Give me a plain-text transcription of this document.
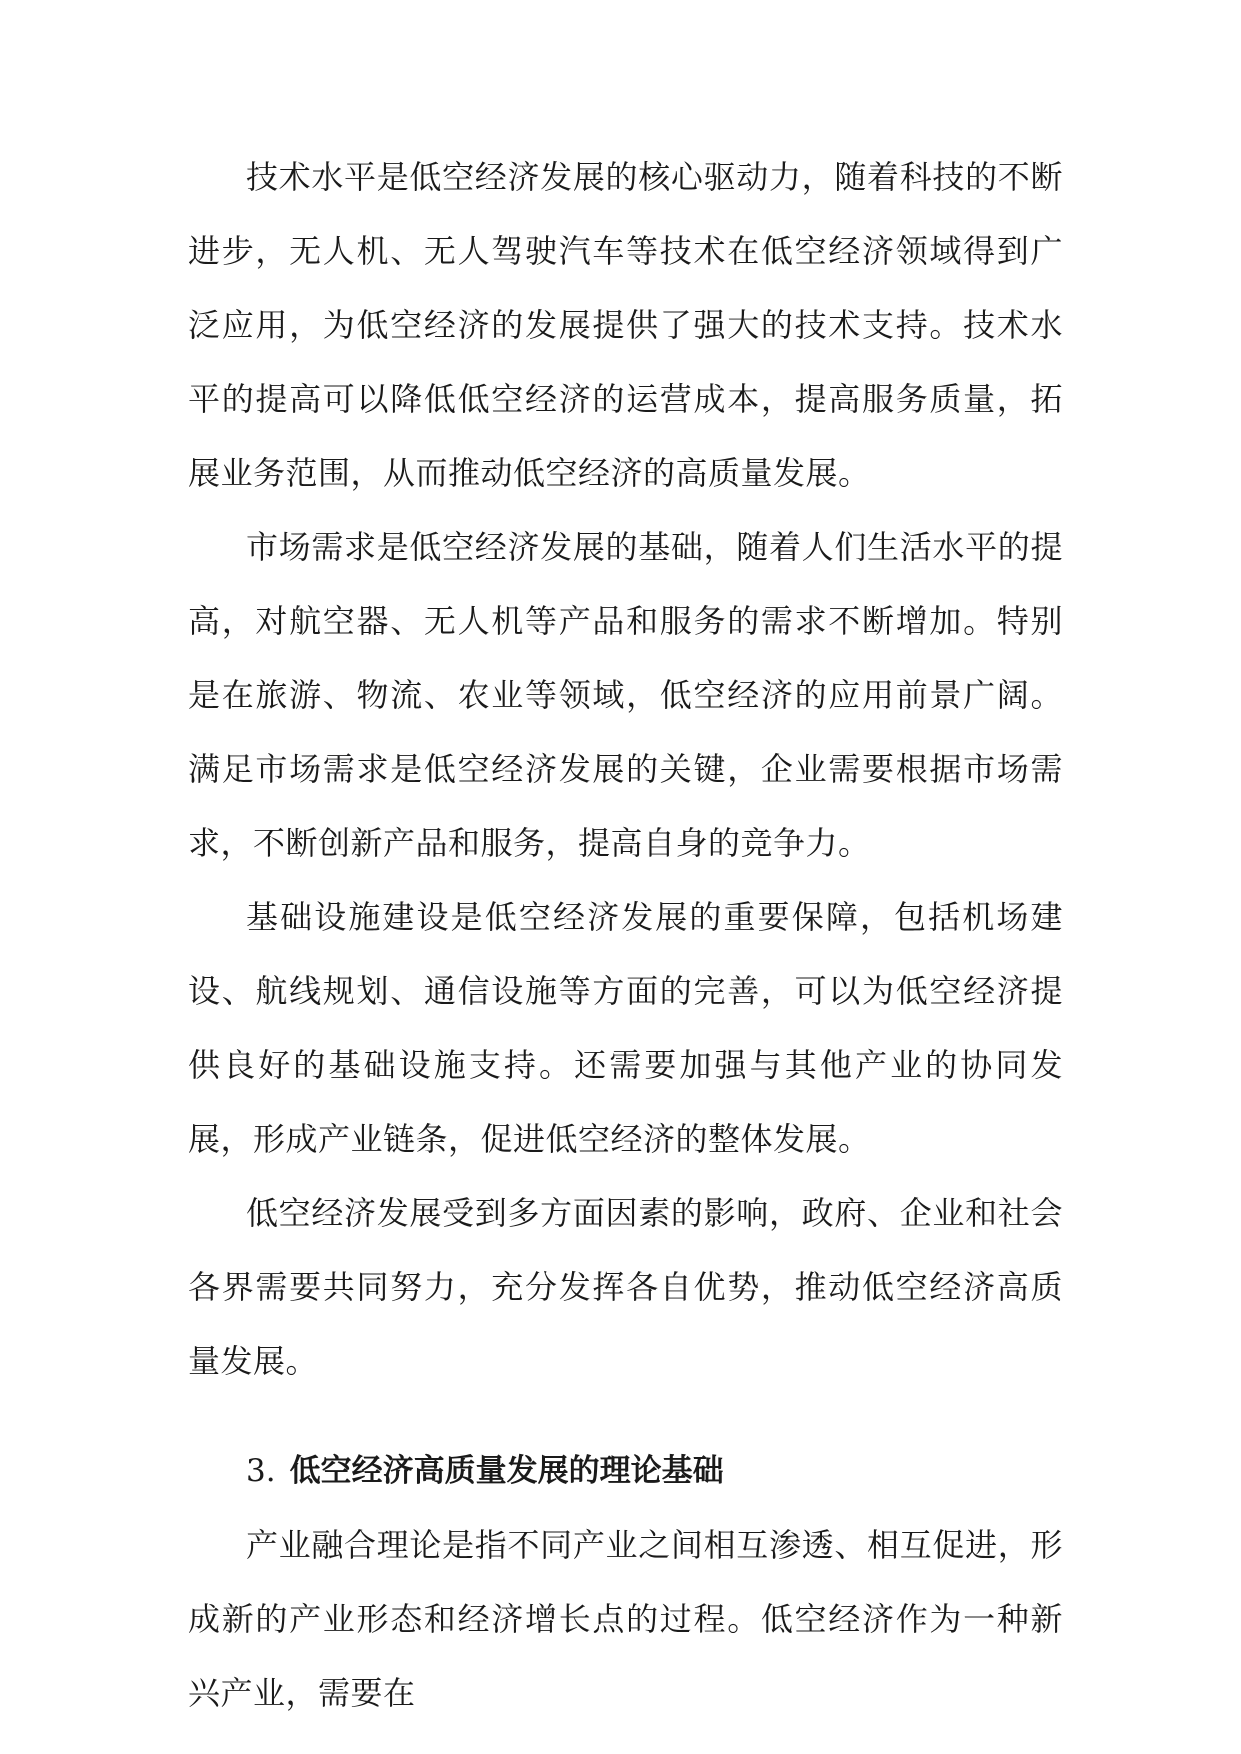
技术水平是低空经济发展的核心驱动力，随着科技的不断进步，无人机、无人驾驶汽车等技术在低空经济领域得到广泛应用，为低空经济的发展提供了强大的技术支持。技术水平的提高可以降低低空经济的运营成本，提高服务质量，拓展业务范围，从而推动低空经济的高质量发展。

市场需求是低空经济发展的基础，随着人们生活水平的提高，对航空器、无人机等产品和服务的需求不断增加。特别是在旅游、物流、农业等领域，低空经济的应用前景广阔。满足市场需求是低空经济发展的关键，企业需要根据市场需求，不断创新产品和服务，提高自身的竞争力。

基础设施建设是低空经济发展的重要保障，包括机场建设、航线规划、通信设施等方面的完善，可以为低空经济提供良好的基础设施支持。还需要加强与其他产业的协同发展，形成产业链条，促进低空经济的整体发展。

低空经济发展受到多方面因素的影响，政府、企业和社会各界需要共同努力，充分发挥各自优势，推动低空经济高质量发展。

3. 低空经济高质量发展的理论基础

产业融合理论是指不同产业之间相互渗透、相互促进，形成新的产业形态和经济增长点的过程。低空经济作为一种新兴产业，需要在
